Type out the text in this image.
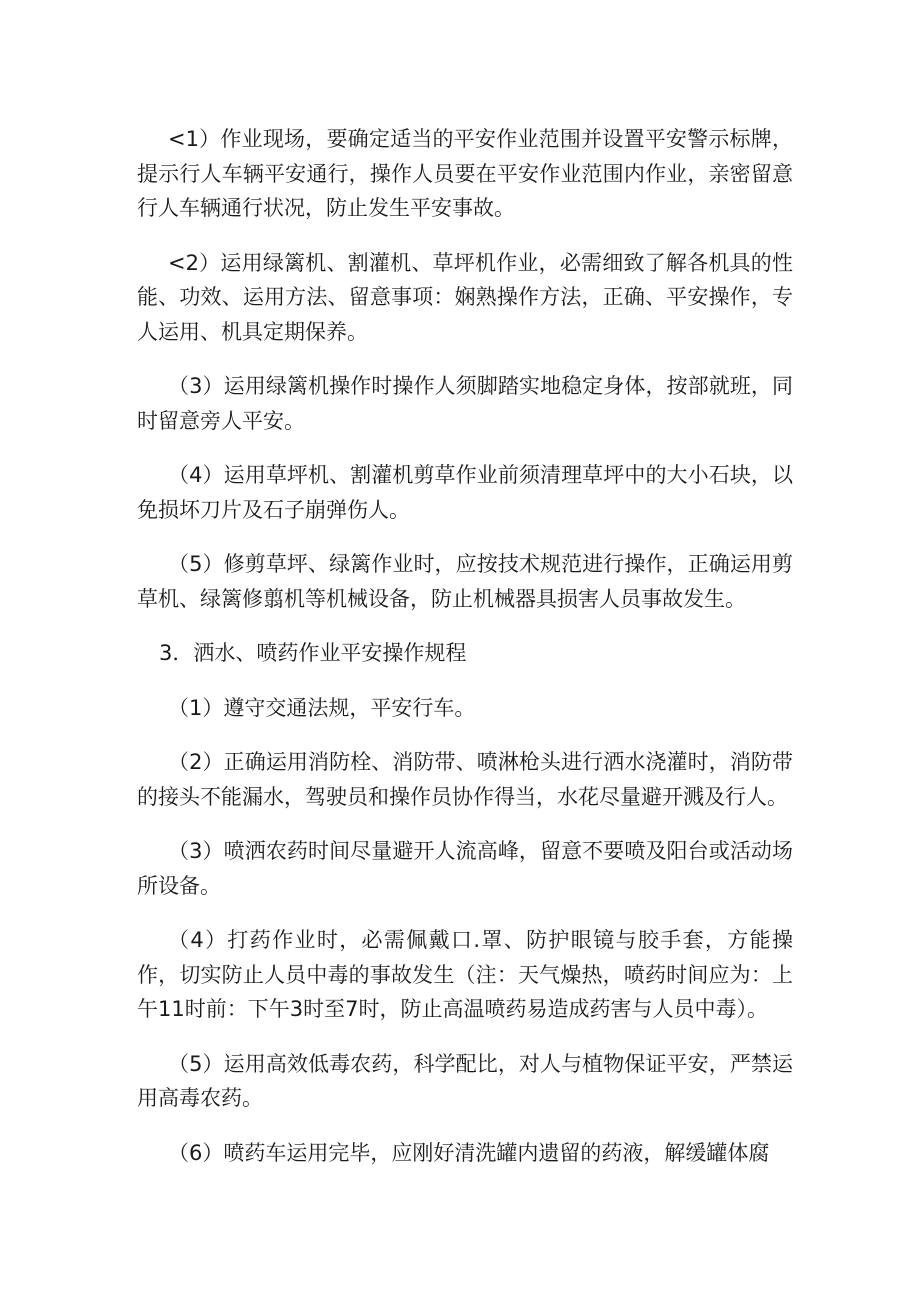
<1）作业现场，要确定适当的平安作业范围并设置平安警示标牌，提示行人车辆平安通行，操作人员要在平安作业范围内作业，亲密留意行人车辆通行状况，防止发生平安事故。

<2）运用绿篱机、割灌机、草坪机作业，必需细致了解各机具的性能、功效、运用方法、留意事项：娴熟操作方法，正确、平安操作，专人运用、机具定期保养。

（3）运用绿篱机操作时操作人须脚踏实地稳定身体，按部就班，同时留意旁人平安。

（4）运用草坪机、割灌机剪草作业前须清理草坪中的大小石块，以免损坏刀片及石子崩弹伤人。

（5）修剪草坪、绿篱作业时，应按技术规范进行操作，正确运用剪草机、绿篱修翦机等机械设备，防止机械器具损害人员事故发生。

3．洒水、喷药作业平安操作规程

（1）遵守交通法规，平安行车。

（2）正确运用消防栓、消防带、喷淋枪头进行洒水浇灌时，消防带的接头不能漏水，驾驶员和操作员协作得当，水花尽量避开溅及行人。

（3）喷洒农药时间尽量避开人流高峰，留意不要喷及阳台或活动场所设备。

（4）打药作业时，必需佩戴口.罩、防护眼镜与胶手套，方能操作，切实防止人员中毒的事故发生（注：天气燥热，喷药时间应为：上午11时前：下午3时至7时，防止高温喷药易造成药害与人员中毒）。

（5）运用高效低毒农药，科学配比，对人与植物保证平安，严禁运用高毒农药。

（6）喷药车运用完毕，应刚好清洗罐内遗留的药液，解缓罐体腐
